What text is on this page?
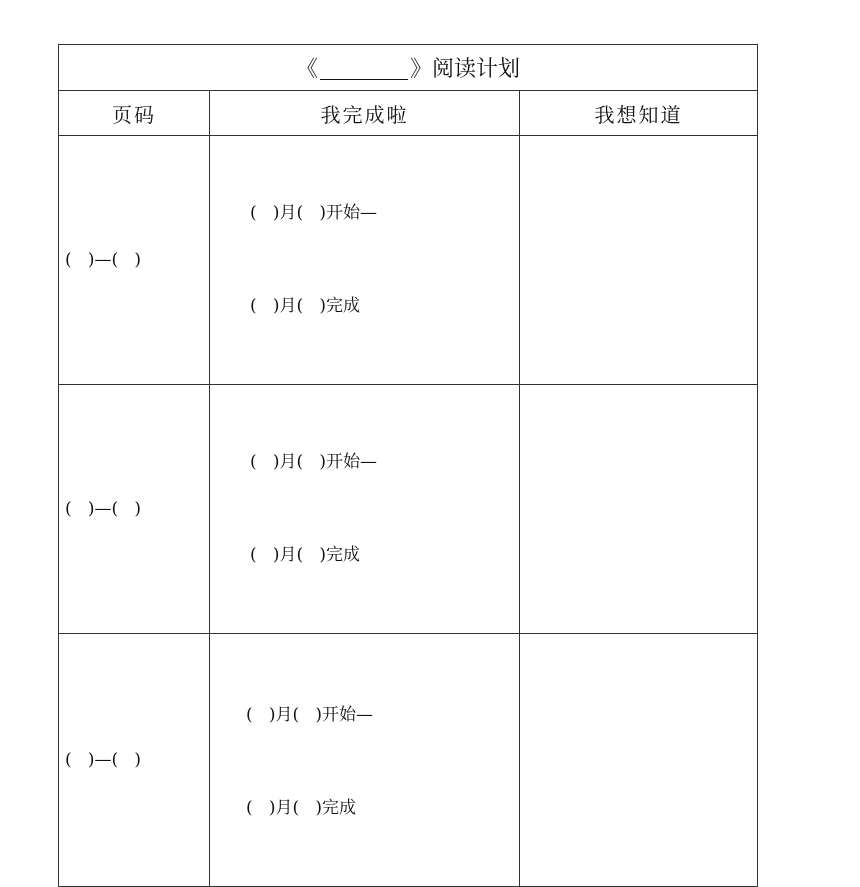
《 》阅读计划		
页码	我完成啦	我想知道
(   )—(   )	(   )月(   )开始—

(   )月(   )完成	

(   )—(   )	(   )月(   )开始—

(   )月(   )完成	

(   )—(   )	(   )月(   )开始—

(   )月(   )完成	
